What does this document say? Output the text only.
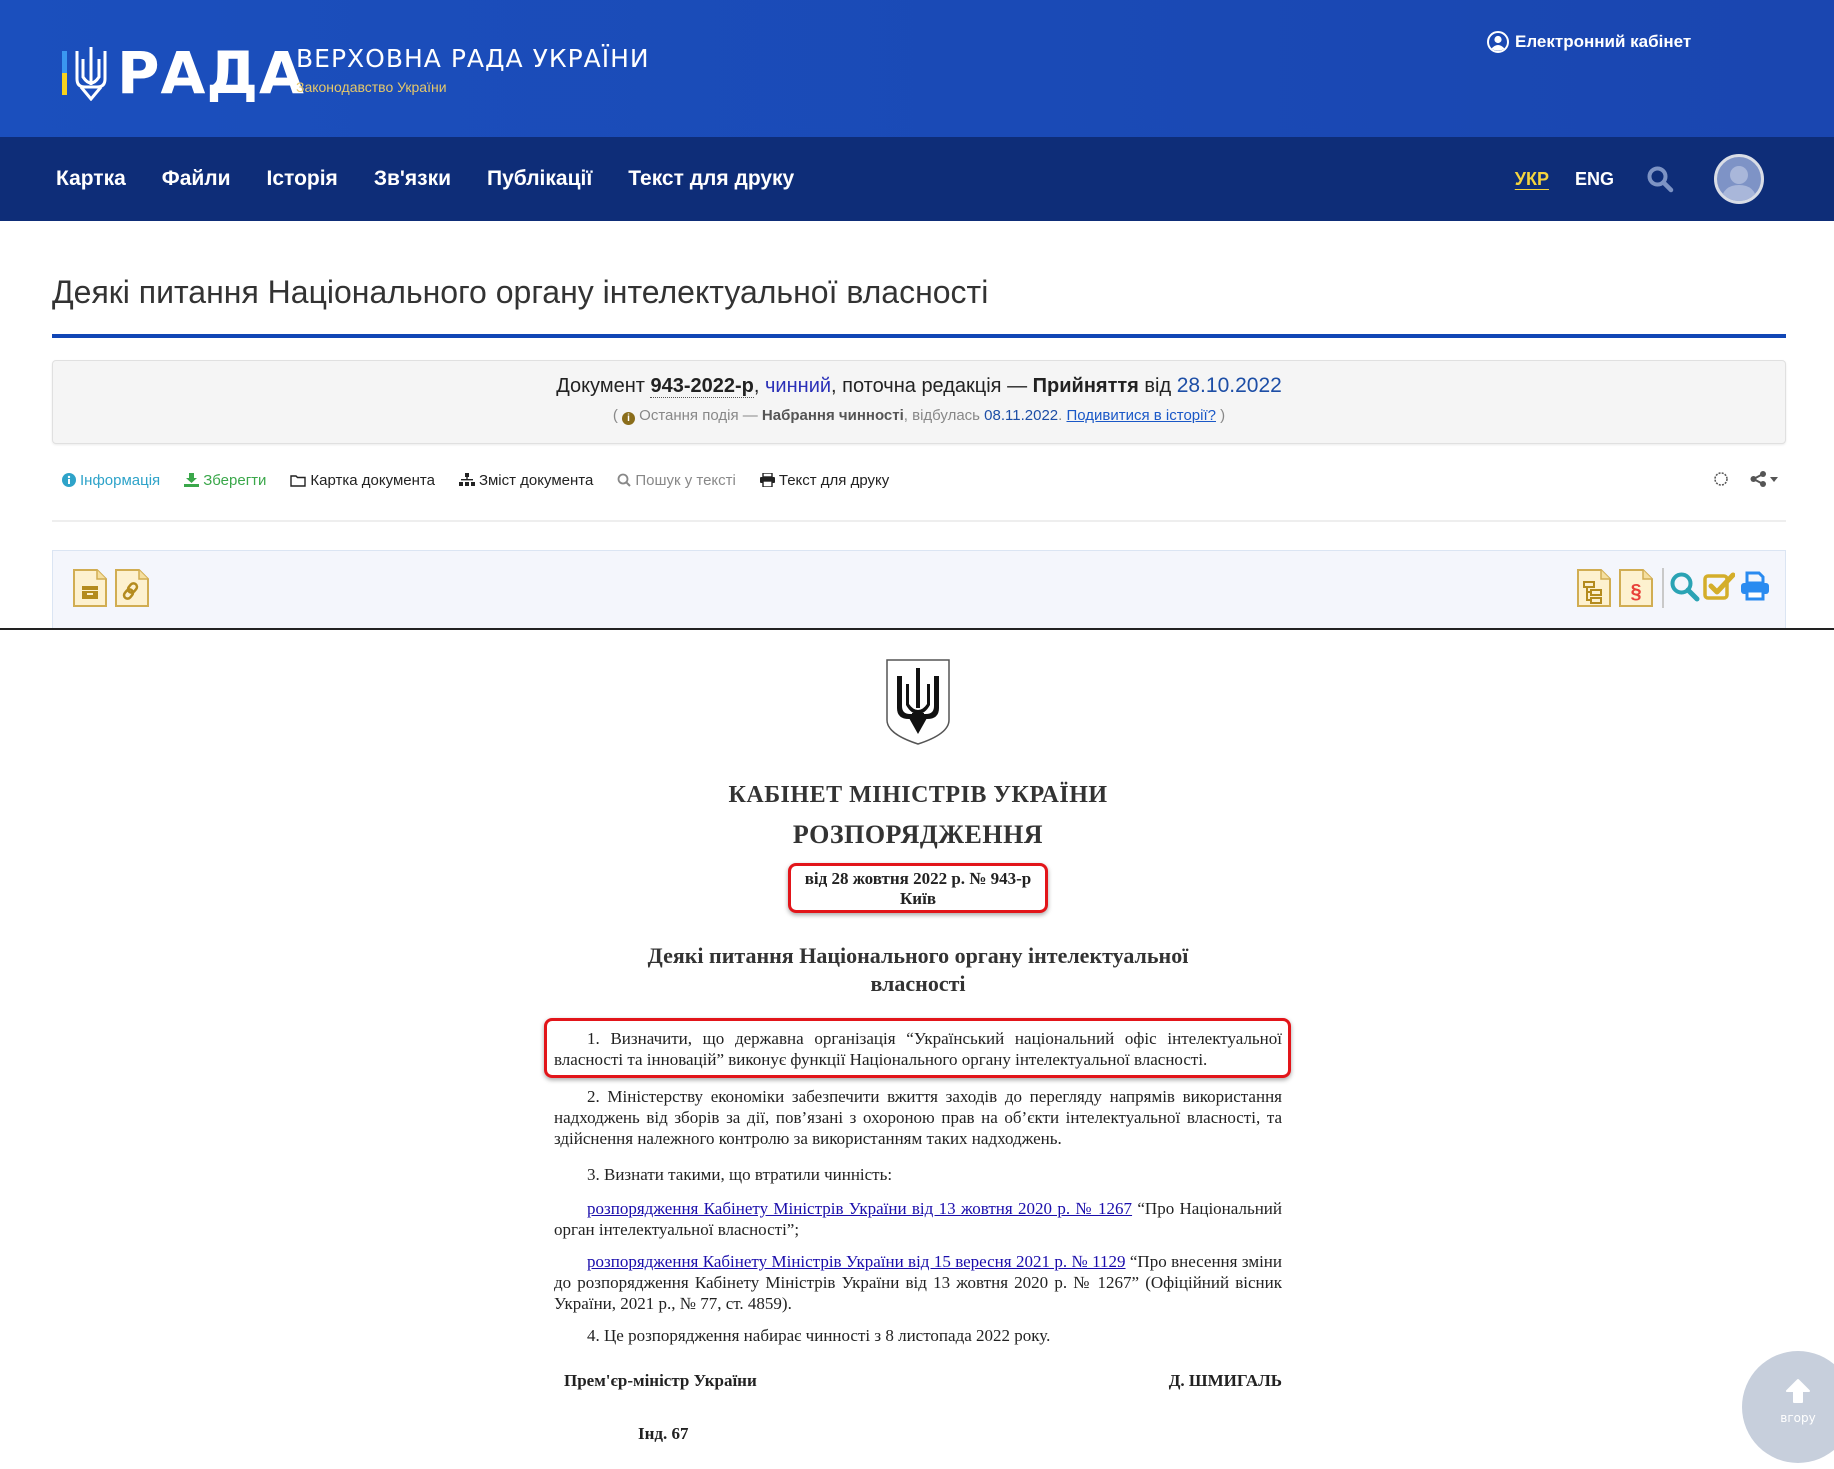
РАДА
ВЕРХОВНА РАДА УКРАЇНИ
Законодавство України
Електронний кабінет
Картка Файли Історія Зв'язки Публікації Текст для друку	УКР ENG
Деякі питання Національного органу інтелектуальної власності
Документ 943-2022-р, чинний, поточна редакція — Прийняття від 28.10.2022
( i Остання подія — Набрання чинності, відбулась 08.11.2022. Подивитися в історії? )
Інформація	Зберегти	Картка документа	Зміст документа	Пошук у тексті	Текст для друку
§
КАБІНЕТ МІНІСТРІВ УКРАЇНИ
РОЗПОРЯДЖЕННЯ
від 28 жовтня 2022 р. № 943-р
Київ
Деякі питання Національного органу інтелектуальної
власності

1. Визначити, що державна організація “Український національний офіс інтелектуальної власності та інновацій” виконує функції Національного органу інтелектуальної власності.

2. Міністерству економіки забезпечити вжиття заходів до перегляду напрямів використання надходжень від зборів за дії, пов’язані з охороною прав на об’єкти інтелектуальної власності, та здійснення належного контролю за використанням таких надходжень.

3. Визнати такими, що втратили чинність:

розпорядження Кабінету Міністрів України від 13 жовтня 2020 р. № 1267 “Про Національний орган інтелектуальної власності”;

розпорядження Кабінету Міністрів України від 15 вересня 2021 р. № 1129 “Про внесення зміни до розпорядження Кабінету Міністрів України від 13 жовтня 2020 р. № 1267” (Офіційний вісник України, 2021 р., № 77, ст. 4859).

4. Це розпорядження набирає чинності з 8 листопада 2022 року.

Прем'єр-міністр України	Д. ШМИГАЛЬ
Інд. 67
вгору
